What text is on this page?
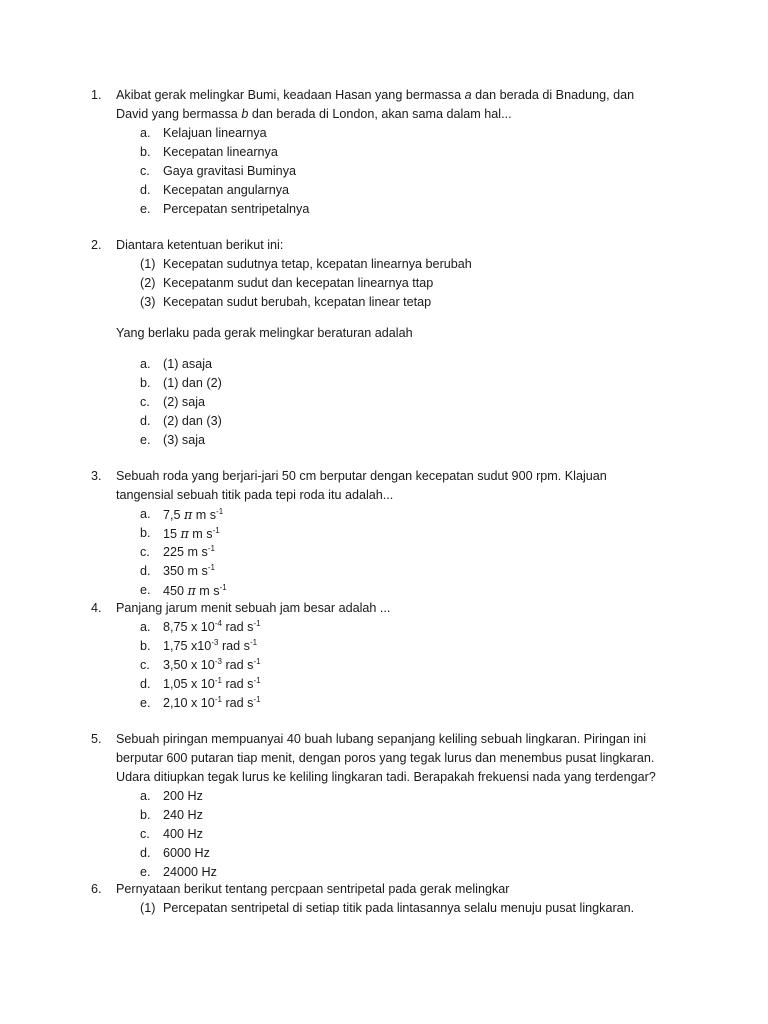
1. Akibat gerak melingkar Bumi, keadaan Hasan yang bermassa a dan berada di Bnadung, dan
David yang bermassa b dan berada di London, akan sama dalam hal...
a. Kelajuan linearnya
b. Kecepatan linearnya
c. Gaya gravitasi Buminya
d. Kecepatan angularnya
e. Percepatan sentripetalnya
2. Diantara ketentuan berikut ini:
(1) Kecepatan sudutnya tetap, kcepatan linearnya berubah
(2) Kecepatanm sudut dan kecepatan linearnya ttap
(3) Kecepatan sudut berubah, kcepatan linear tetap
Yang berlaku pada gerak melingkar beraturan adalah
a. (1) asaja
b. (1) dan (2)
c. (2) saja
d. (2) dan (3)
e. (3) saja
3. Sebuah roda yang berjari-jari 50 cm berputar dengan kecepatan sudut 900 rpm. Klajuan
tangensial sebuah titik pada tepi roda itu adalah...
a. 7,5 π m $s^{-1}$
b. 15 π m $s^{-1}$
c. 225 m $s^{-1}$
d. 350 m $s^{-1}$
e. 450 π m $s^{-1}$
4. Panjang jarum menit sebuah jam besar adalah ...
a. 8,75 x $10^{-4}$ rad $s^{-1}$
b. 1,75 $x10^{-3}$ rad $s^{-1}$
c. 3,50 x $10^{-3}$ rad $s^{-1}$
d. 1,05 x $10^{-1}$ rad $s^{-1}$
e. 2,10 x $10^{-1}$ rad $s^{-1}$
5. Sebuah piringan mempuanyai 40 buah lubang sepanjang keliling sebuah lingkaran. Piringan ini
berputar 600 putaran tiap menit, dengan poros yang tegak lurus dan menembus pusat lingkaran.
Udara ditiupkan tegak lurus ke keliling lingkaran tadi. Berapakah frekuensi nada yang terdengar?
a. 200 Hz
b. 240 Hz
c. 400 Hz
d. 6000 Hz
e. 24000 Hz
6. Pernyataan berikut tentang percpaan sentripetal pada gerak melingkar
(1) Percepatan sentripetal di setiap titik pada lintasannya selalu menuju pusat lingkaran.
